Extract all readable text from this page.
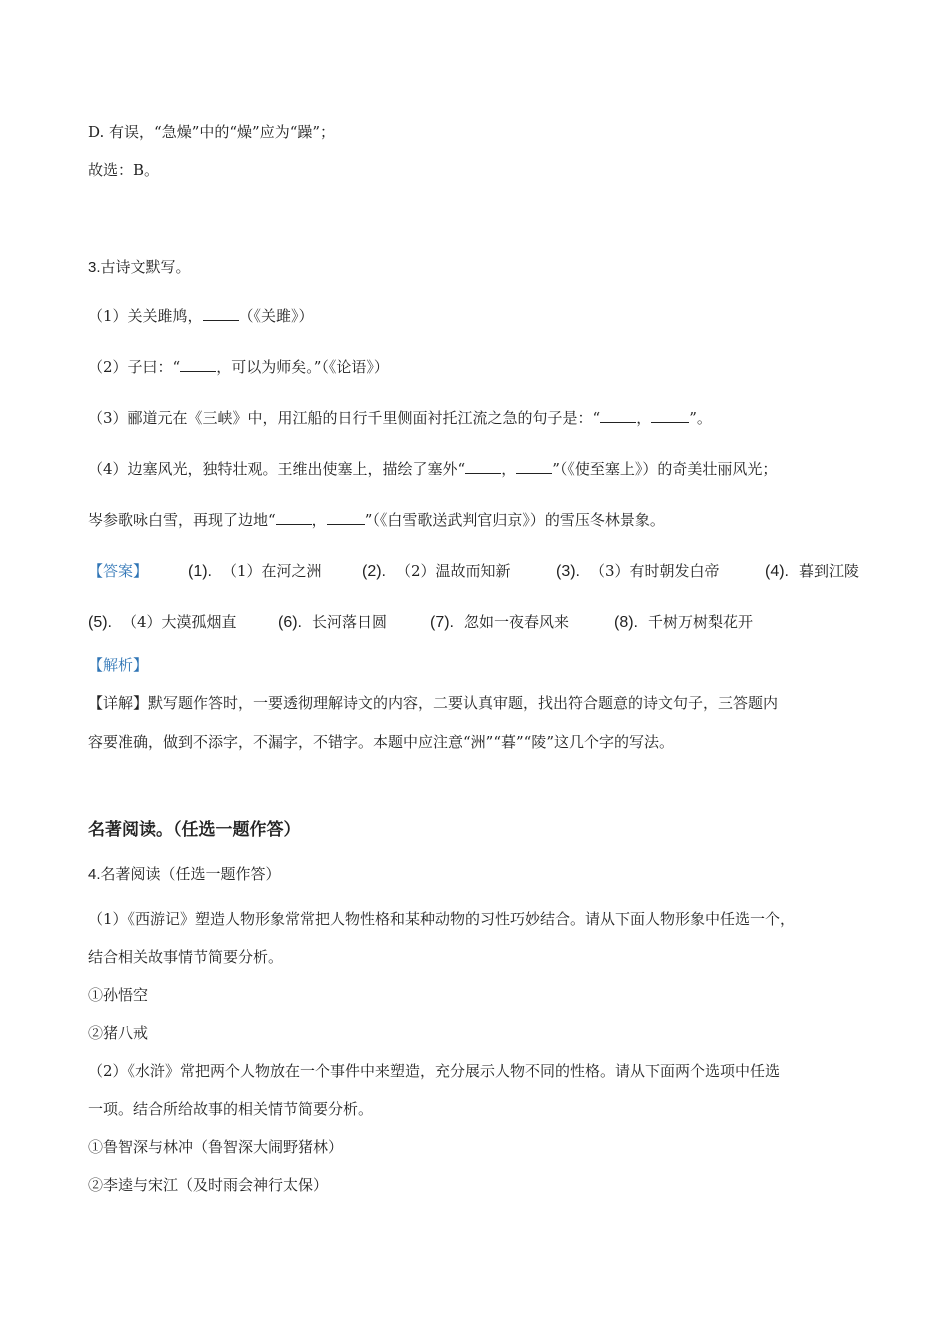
D. 有误，“急燥”中的“燥”应为“躁”；
故选：B。
3.古诗文默写。
（1）关关雎鸠， （《关雎》）
（2）子曰：“ ，可以为师矣。”（《论语》）
（3）郦道元在《三峡》中，用江船的日行千里侧面衬托江流之急的句子是：“ ，	”。
（4）边塞风光，独特壮观。王维出使塞上，描绘了塞外“ ， ”（《使至塞上》）的奇美壮丽风光；
岑参歌咏白雪，再现了边地“ ，	”（《白雪歌送武判官归京》）的雪压冬林景象。
【答案】 (1). （1）在河之洲	(2). （2）温故而知新	(3). （3）有时朝发白帝	(4). 暮到江陵
(5). （4）大漠孤烟直	(6). 长河落日圆	(7). 忽如一夜春风来	(8). 千树万树梨花开
【解析】
【详解】默写题作答时，一要透彻理解诗文的内容，二要认真审题，找出符合题意的诗文句子，三答题内
容要准确，做到不添字，不漏字，不错字。本题中应注意“洲”“暮”“陵”这几个字的写法。
名著阅读。（任选一题作答）
4.名著阅读（任选一题作答）
（1）《西游记》塑造人物形象常常把人物性格和某种动物的习性巧妙结合。请从下面人物形象中任选一个，
结合相关故事情节简要分析。
①孙悟空
②猪八戒
（2）《水浒》常把两个人物放在一个事件中来塑造，充分展示人物不同的性格。请从下面两个选项中任选
一项。结合所给故事的相关情节简要分析。
①鲁智深与林冲（鲁智深大闹野猪林）
②李逵与宋江（及时雨会神行太保）
